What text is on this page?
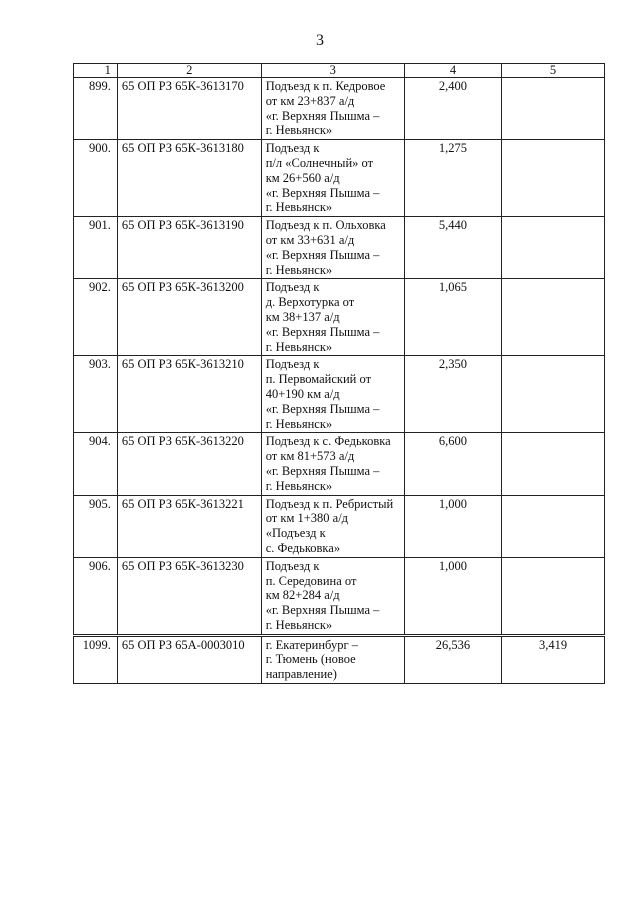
3
1	2	3	4	5
899.	65 ОП РЗ 65К-3613170	Подъезд к п. Кедровое
от км 23+837 а/д
«г. Верхняя Пышма –
г. Невьянск»	2,400	
900.	65 ОП РЗ 65К-3613180	Подъезд к
п/л «Солнечный» от
км 26+560 а/д
«г. Верхняя Пышма –
г. Невьянск»	1,275	
901.	65 ОП РЗ 65К-3613190	Подъезд к п. Ольховка
от км 33+631 а/д
«г. Верхняя Пышма –
г. Невьянск»	5,440	
902.	65 ОП РЗ 65К-3613200	Подъезд к
д. Верхотурка от
км 38+137 а/д
«г. Верхняя Пышма –
г. Невьянск»	1,065	
903.	65 ОП РЗ 65К-3613210	Подъезд к
п. Первомайский от
40+190 км а/д
«г. Верхняя Пышма –
г. Невьянск»	2,350	
904.	65 ОП РЗ 65К-3613220	Подъезд к с. Федьковка
от км 81+573 а/д
«г. Верхняя Пышма –
г. Невьянск»	6,600	
905.	65 ОП РЗ 65К-3613221	Подъезд к п. Ребристый
от км 1+380 а/д
«Подъезд к
с. Федьковка»	1,000	
906.	65 ОП РЗ 65К-3613230	Подъезд к
п. Середовина от
км 82+284 а/д
«г. Верхняя Пышма –
г. Невьянск»	1,000	
1099.	65 ОП РЗ 65А-0003010	г. Екатеринбург –
г. Тюмень (новое
направление)	26,536	3,419
